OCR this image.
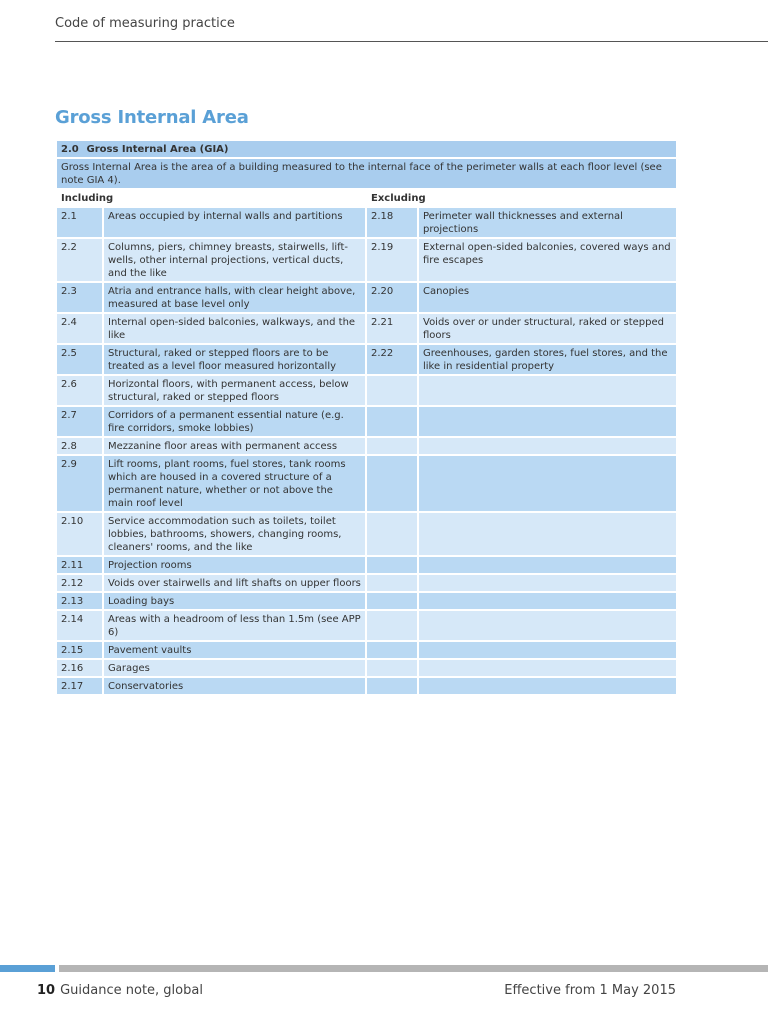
Code of measuring practice
Gross Internal Area
2.0 Gross Internal Area (GIA)			
Gross Internal Area is the area of a building measured to the internal face of the perimeter walls at each floor level (see note GIA 4).			
Including		Excluding	
2.1	Areas occupied by internal walls and partitions	2.18	Perimeter wall thicknesses and external projections
2.2	Columns, piers, chimney breasts, stairwells, lift-wells, other internal projections, vertical ducts, and the like	2.19	External open-sided balconies, covered ways and fire escapes
2.3	Atria and entrance halls, with clear height above, measured at base level only	2.20	Canopies
2.4	Internal open-sided balconies, walkways, and the like	2.21	Voids over or under structural, raked or stepped floors
2.5	Structural, raked or stepped floors are to be treated as a level floor measured horizontally	2.22	Greenhouses, garden stores, fuel stores, and the like in residential property
2.6	Horizontal floors, with permanent access, below structural, raked or stepped floors		
2.7	Corridors of a permanent essential nature (e.g. fire corridors, smoke lobbies)		
2.8	Mezzanine floor areas with permanent access		
2.9	Lift rooms, plant rooms, fuel stores, tank rooms which are housed in a covered structure of a permanent nature, whether or not above the main roof level		
2.10	Service accommodation such as toilets, toilet lobbies, bathrooms, showers, changing rooms, cleaners' rooms, and the like		
2.11	Projection rooms		
2.12	Voids over stairwells and lift shafts on upper floors		
2.13	Loading bays		
2.14	Areas with a headroom of less than 1.5m (see APP 6)		
2.15	Pavement vaults		
2.16	Garages		
2.17	Conservatories		
10 Guidance note, global	Effective from 1 May 2015
